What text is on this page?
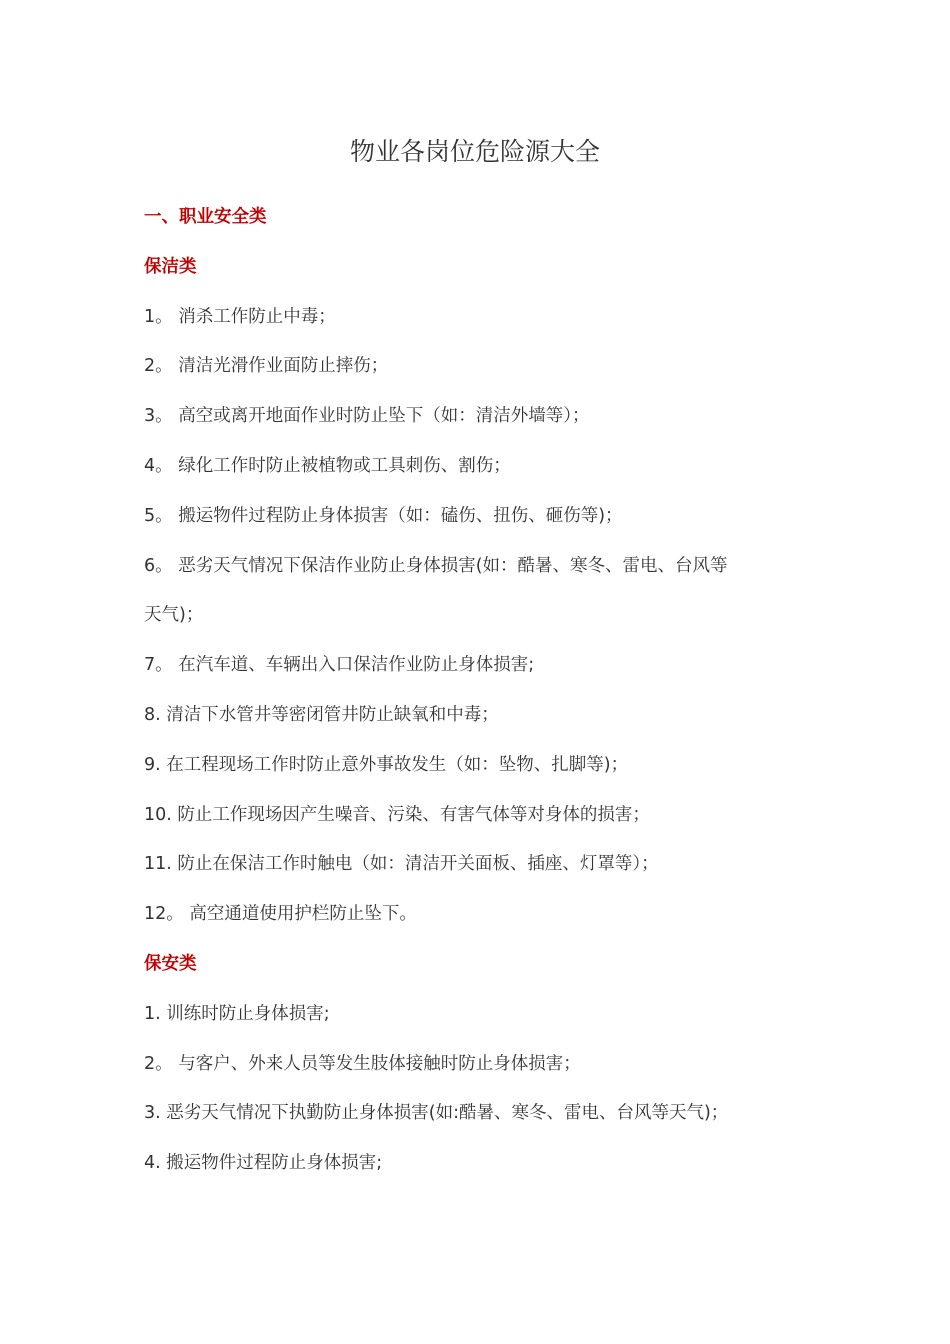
物业各岗位危险源大全

一、职业安全类

保洁类

1。 消杀工作防止中毒；

2。 清洁光滑作业面防止摔伤；

3。 高空或离开地面作业时防止坠下（如：清洁外墙等）；

4。 绿化工作时防止被植物或工具刺伤、割伤；

5。 搬运物件过程防止身体损害（如：磕伤、扭伤、砸伤等)；

6。 恶劣天气情况下保洁作业防止身体损害(如：酷暑、寒冬、雷电、台风等

天气)；

7。 在汽车道、车辆出入口保洁作业防止身体损害;

8. 清洁下水管井等密闭管井防止缺氧和中毒；

9. 在工程现场工作时防止意外事故发生（如：坠物、扎脚等)；

10. 防止工作现场因产生噪音、污染、有害气体等对身体的损害；

11. 防止在保洁工作时触电（如：清洁开关面板、插座、灯罩等）；

12。 高空通道使用护栏防止坠下。

保安类

1. 训练时防止身体损害;

2。 与客户、外来人员等发生肢体接触时防止身体损害；

3. 恶劣天气情况下执勤防止身体损害(如:酷暑、寒冬、雷电、台风等天气)；

4. 搬运物件过程防止身体损害;
